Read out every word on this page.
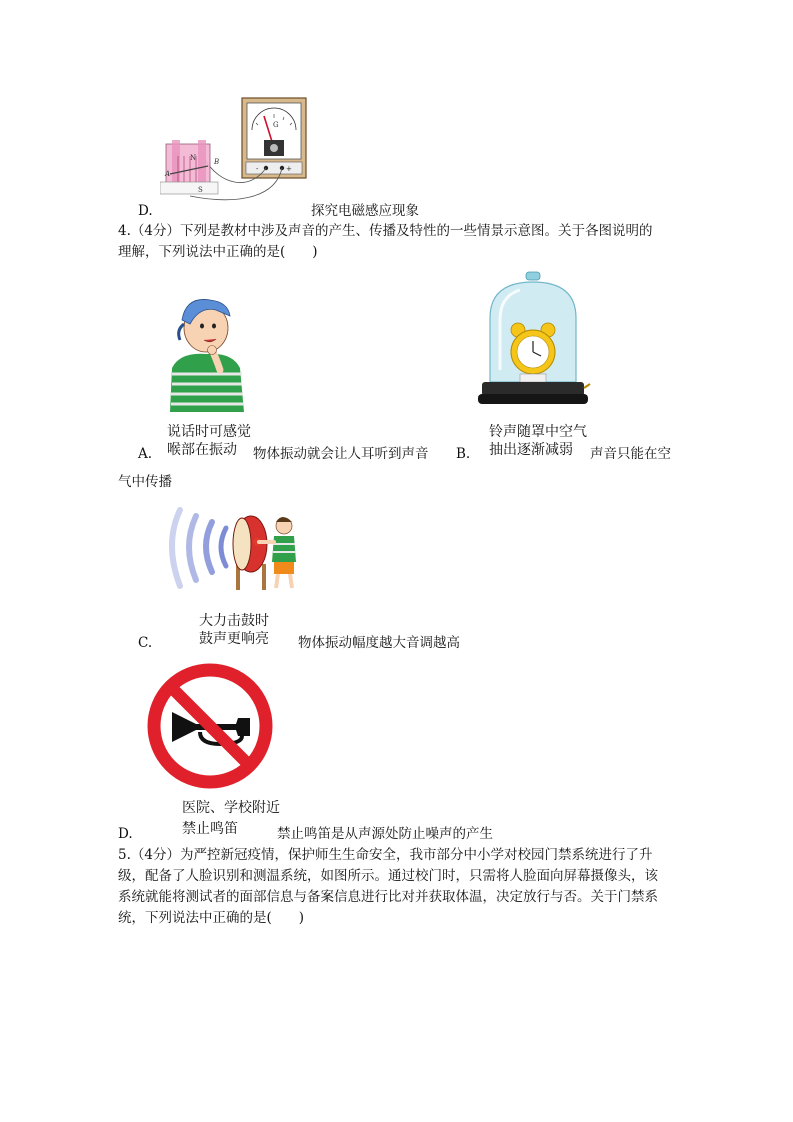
G
-	+
N
S
B
A
D.	探究电磁感应现象
4.（4分）下列是教材中涉及声音的产生、传播及特性的一些情景示意图。关于各图说明的
理解，下列说法中正确的是(　　)
说话时可感觉
喉部在振动
A.	物体振动就会让人耳听到声音
铃声随罩中空气
抽出逐渐减弱
B.	声音只能在空
气中传播
大力击鼓时
鼓声更响亮
C.	物体振动幅度越大音调越高
医院、学校附近
禁止鸣笛
D.	禁止鸣笛是从声源处防止噪声的产生
5.（4分）为严控新冠疫情，保护师生生命安全，我市部分中小学对校园门禁系统进行了升
级，配备了人脸识别和测温系统，如图所示。通过校门时，只需将人脸面向屏幕摄像头，该
系统就能将测试者的面部信息与备案信息进行比对并获取体温，决定放行与否。关于门禁系
统，下列说法中正确的是(　　)
